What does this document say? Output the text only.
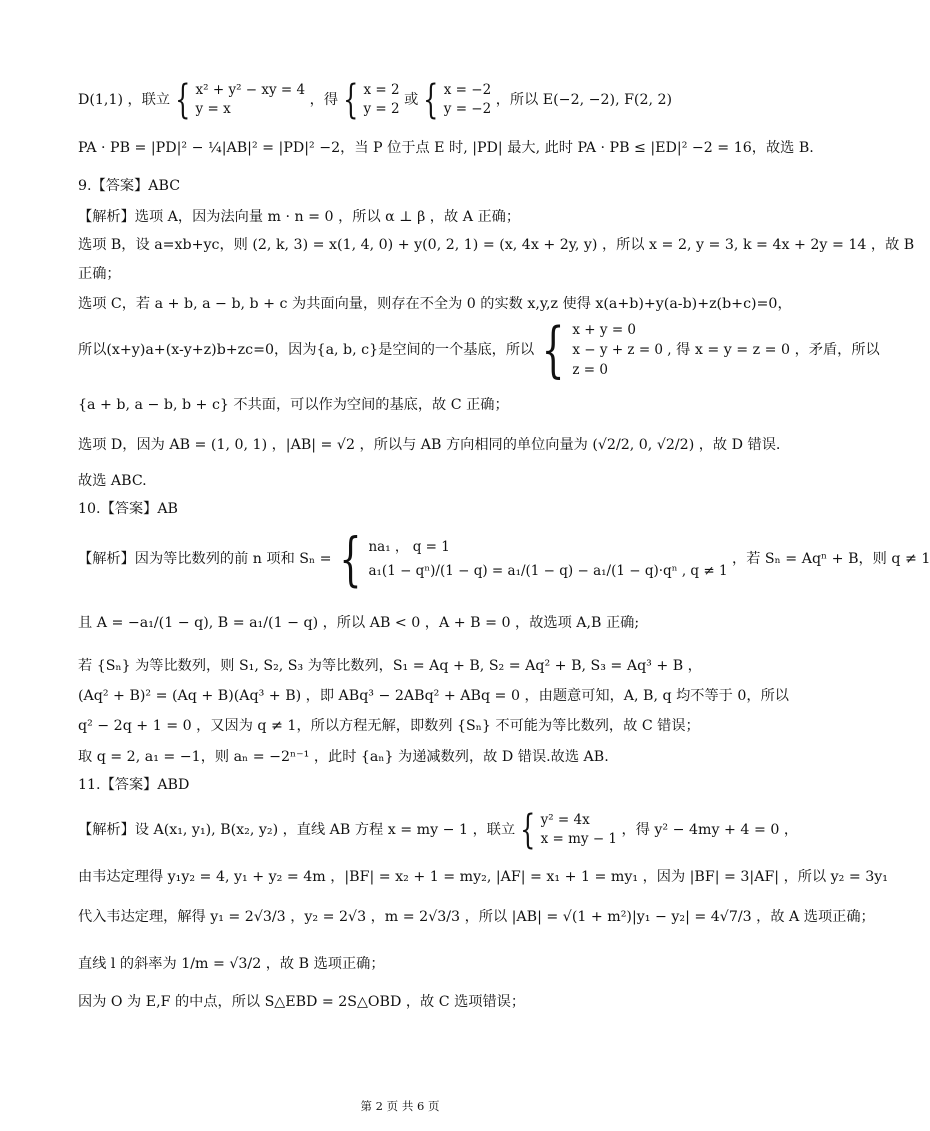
D(1,1) ，联立 { x² + y² − xy = 4
y = x
，得 { x = 2
y = 2
或 { x = −2
y = −2
，所以 E(−2, −2), F(2, 2)
PA · PB = |PD|² − ¼|AB|² = |PD|² −2，当 P 位于点 E 时, |PD| 最大, 此时 PA · PB ≤ |ED|² −2 = 16，故选 B.
9.【答案】ABC
【解析】选项 A，因为法向量 m · n = 0 ，所以 α ⊥ β ，故 A 正确；
选项 B，设 a=xb+yc，则 (2, k, 3) = x(1, 4, 0) + y(0, 2, 1) = (x, 4x + 2y, y) ，所以 x = 2, y = 3, k = 4x + 2y = 14 ，故 B
正确；
选项 C，若 a + b, a − b, b + c 为共面向量，则存在不全为 0 的实数 x,y,z 使得 x(a+b)+y(a-b)+z(b+c)=0，
所以(x+y)a+(x-y+z)b+zc=0，因为{a, b, c}是空间的一个基底，所以 { x + y = 0
x − y + z = 0 ,
z = 0
得 x = y = z = 0 ，矛盾，所以
{a + b, a − b, b + c} 不共面，可以作为空间的基底，故 C 正确；
选项 D，因为 AB = (1, 0, 1) ，|AB| = √2 ，所以与 AB 方向相同的单位向量为 (√2/2, 0, √2/2) ，故 D 错误.
故选 ABC.
10.【答案】AB
【解析】因为等比数列的前 n 项和 Sₙ = { na₁ ， q = 1
a₁(1 − qⁿ)/(1 − q) = a₁/(1 − q) − a₁/(1 − q)·qⁿ , q ≠ 1
，若 Sₙ = Aqⁿ + B，则 q ≠ 1
且 A = −a₁/(1 − q), B = a₁/(1 − q) ，所以 AB < 0 ，A + B = 0 ，故选项 A,B 正确;
若 {Sₙ} 为等比数列，则 S₁, S₂, S₃ 为等比数列，S₁ = Aq + B, S₂ = Aq² + B, S₃ = Aq³ + B ，
(Aq² + B)² = (Aq + B)(Aq³ + B) ，即 ABq³ − 2ABq² + ABq = 0 ，由题意可知，A, B, q 均不等于 0，所以
q² − 2q + 1 = 0 ，又因为 q ≠ 1，所以方程无解，即数列 {Sₙ} 不可能为等比数列，故 C 错误；
取 q = 2, a₁ = −1，则 aₙ = −2ⁿ⁻¹ ，此时 {aₙ} 为递减数列，故 D 错误.故选 AB.
11.【答案】ABD
【解析】设 A(x₁, y₁), B(x₂, y₂) ，直线 AB 方程 x = my − 1 ，联立 { y² = 4x
x = my − 1
，得 y² − 4my + 4 = 0 ，
由韦达定理得 y₁y₂ = 4, y₁ + y₂ = 4m ，|BF| = x₂ + 1 = my₂, |AF| = x₁ + 1 = my₁ ，因为 |BF| = 3|AF| ，所以 y₂ = 3y₁
代入韦达定理，解得 y₁ = 2√3/3 ，y₂ = 2√3 ，m = 2√3/3 ，所以 |AB| = √(1 + m²)|y₁ − y₂| = 4√7/3 ，故 A 选项正确；
直线 l 的斜率为 1/m = √3/2 ，故 B 选项正确；
因为 O 为 E,F 的中点，所以 S△EBD = 2S△OBD ，故 C 选项错误；
第 2 页 共 6 页
